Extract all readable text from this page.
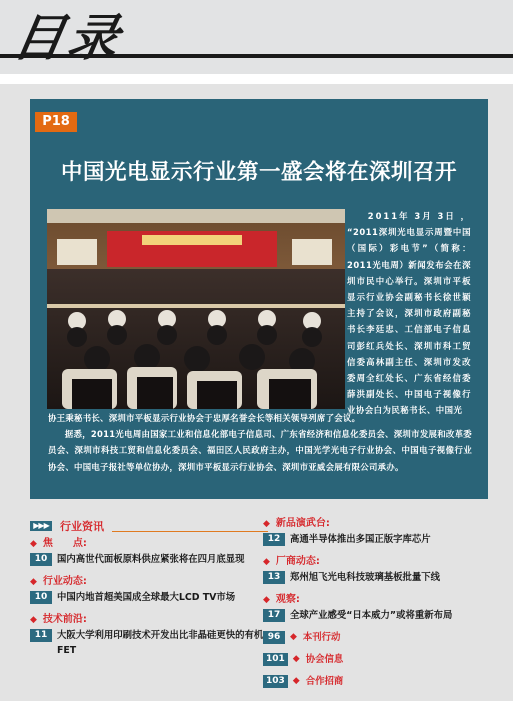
目录
P18
中国光电显示行业第一盛会将在深圳召开
2011年 3月 3日 ，
“2011深圳光电显示周暨中国（国际）彩电节”（简称：2011光电周）新闻发布会在深圳市民中心举行。深圳市平板显示行业协会副秘书长徐世颖主持了会议，深圳市政府副秘书长李廷忠、工信部电子信息司彭红兵处长、深圳市科工贸信委高林副主任、深圳市发改委周全红处长、广东省经信委薛洪副处长、中国电子视像行业协会白为民秘书长、中国光

协王乘秘书长、深圳市平板显示行业协会于忠厚名誉会长等相关领导列席了会议。

据悉，2011光电周由国家工业和信息化部电子信息司、广东省经济和信息化委员会、深圳市发展和改革委员会、深圳市科技工贸和信息化委员会、福田区人民政府主办，中国光学光电子行业协会、中国电子视像行业协会、中国电子报社等单位协办，深圳市平板显示行业协会、深圳市亚威会展有限公司承办。

▶▶▶ 行业资讯
◆ 焦　　点:
10	国内高世代面板原料供应紧张将在四月底显现
◆ 行业动态:
10	中国内地首超美国成全球最大LCD TV市场
◆ 技术前沿:
11	大阪大学利用印刷技术开发出比非晶硅更快的有机FET
◆ 新品演武台:
12	高通半导体推出多国正版字库芯片
◆ 厂商动态:
13	郑州旭飞光电科技玻璃基板批量下线
◆ 观察:
17	全球产业感受“日本威力”或将重新布局
96	◆ 本刊行动
101 ◆ 协会信息
103 ◆ 合作招商
